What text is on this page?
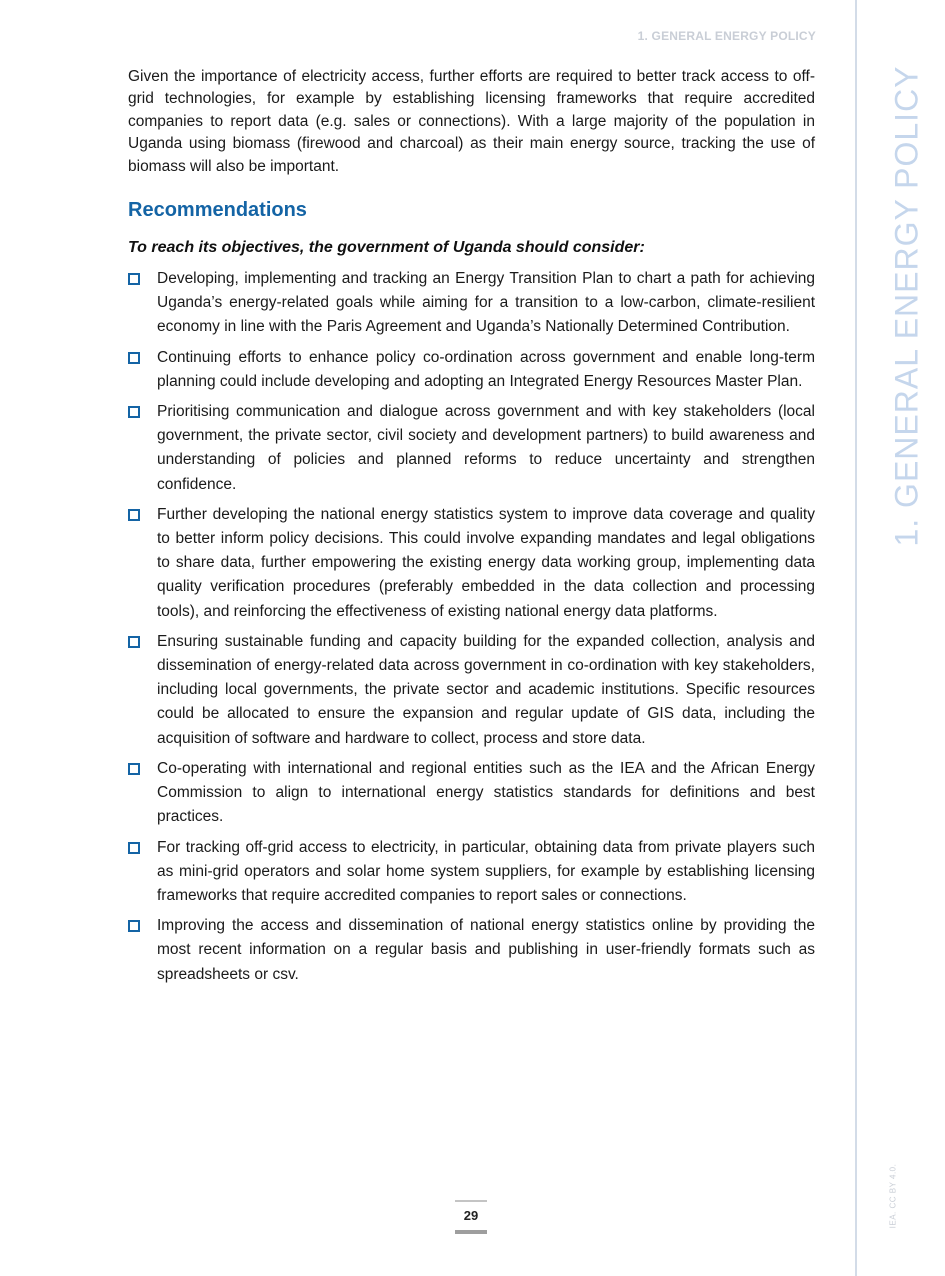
1. GENERAL ENERGY POLICY
1. GENERAL ENERGY POLICY
IEA. CC BY 4.0.

Given the importance of electricity access, further efforts are required to better track access to off-grid technologies, for example by establishing licensing frameworks that require accredited companies to report data (e.g. sales or connections). With a large majority of the population in Uganda using biomass (firewood and charcoal) as their main energy source, tracking the use of biomass will also be important.

Recommendations

To reach its objectives, the government of Uganda should consider:

Developing, implementing and tracking an Energy Transition Plan to chart a path for achieving Uganda’s energy-related goals while aiming for a transition to a low-carbon, climate-resilient economy in line with the Paris Agreement and Uganda’s Nationally Determined Contribution.
Continuing efforts to enhance policy co-ordination across government and enable long-term planning could include developing and adopting an Integrated Energy Resources Master Plan.
Prioritising communication and dialogue across government and with key stakeholders (local government, the private sector, civil society and development partners) to build awareness and understanding of policies and planned reforms to reduce uncertainty and strengthen confidence.
Further developing the national energy statistics system to improve data coverage and quality to better inform policy decisions. This could involve expanding mandates and legal obligations to share data, further empowering the existing energy data working group, implementing data quality verification procedures (preferably embedded in the data collection and processing tools), and reinforcing the effectiveness of existing national energy data platforms.
Ensuring sustainable funding and capacity building for the expanded collection, analysis and dissemination of energy-related data across government in co-ordination with key stakeholders, including local governments, the private sector and academic institutions. Specific resources could be allocated to ensure the expansion and regular update of GIS data, including the acquisition of software and hardware to collect, process and store data.
Co-operating with international and regional entities such as the IEA and the African Energy Commission to align to international energy statistics standards for definitions and best practices.
For tracking off-grid access to electricity, in particular, obtaining data from private players such as mini-grid operators and solar home system suppliers, for example by establishing licensing frameworks that require accredited companies to report sales or connections.
Improving the access and dissemination of national energy statistics online by providing the most recent information on a regular basis and publishing in user-friendly formats such as spreadsheets or csv.
29
